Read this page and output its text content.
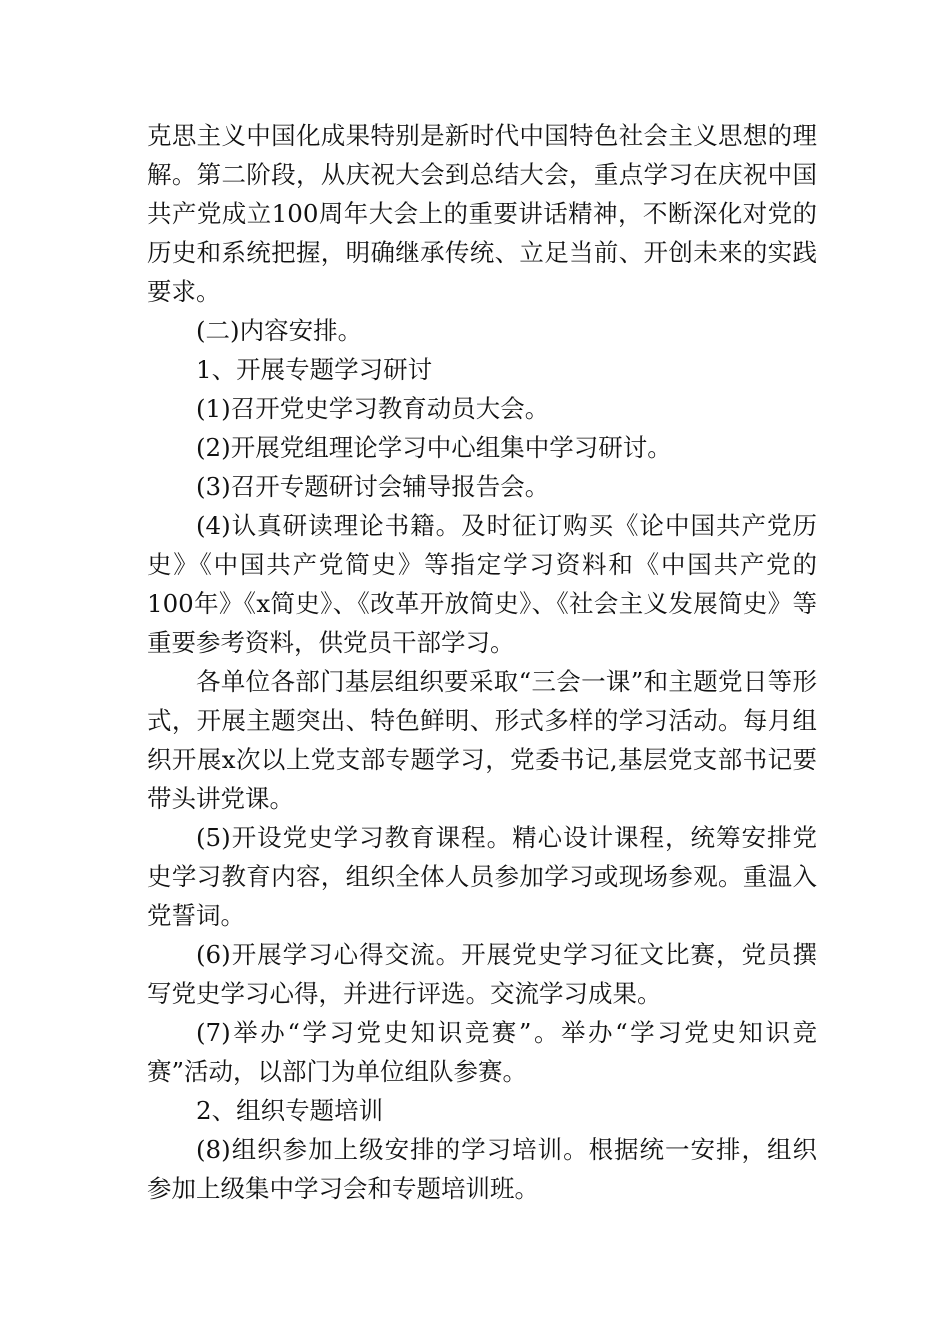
克思主义中国化成果特别是新时代中国特色社会主义思想的理解。第二阶段，从庆祝大会到总结大会，重点学习在庆祝中国共产党成立100周年大会上的重要讲话精神，不断深化对党的历史和系统把握，明确继承传统、立足当前、开创未来的实践要求。

(二)内容安排。

1、开展专题学习研讨

(1)召开党史学习教育动员大会。

(2)开展党组理论学习中心组集中学习研讨。

(3)召开专题研讨会辅导报告会。

(4)认真研读理论书籍。及时征订购买《论中国共产党历史》《中国共产党简史》等指定学习资料和《中国共产党的100年》《x简史》、《改革开放简史》、《社会主义发展简史》等重要参考资料，供党员干部学习。

各单位各部门基层组织要采取“三会一课”和主题党日等形式，开展主题突出、特色鲜明、形式多样的学习活动。每月组织开展x次以上党支部专题学习，党委书记,基层党支部书记要带头讲党课。

(5)开设党史学习教育课程。精心设计课程，统筹安排党史学习教育内容，组织全体人员参加学习或现场参观。重温入党誓词。

(6)开展学习心得交流。开展党史学习征文比赛，党员撰写党史学习心得，并进行评选。交流学习成果。

(7)举办“学习党史知识竞赛”。举办“学习党史知识竞赛”活动，以部门为单位组队参赛。

2、组织专题培训

(8)组织参加上级安排的学习培训。根据统一安排，组织参加上级集中学习会和专题培训班。
